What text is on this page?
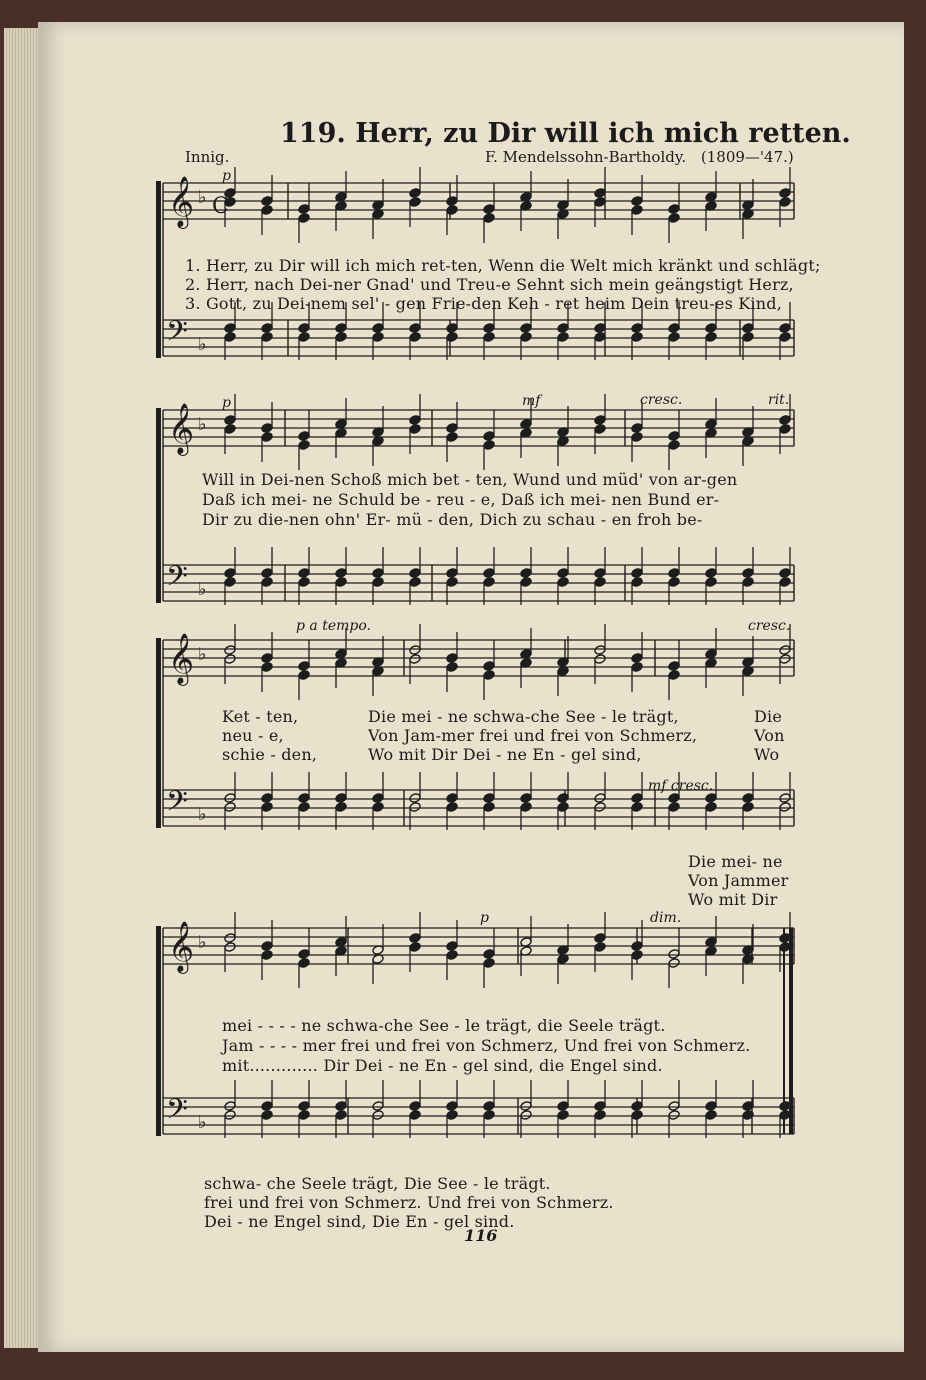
𝄞
𝄢
♭
♭
𝄞
𝄢
♭
♭
𝄞
𝄢
♭
♭
𝄞
𝄢
♭
♭
C
119. Herr, zu Dir will ich mich retten.
Innig.	F. Mendelssohn-Bartholdy. (1809—'47.)
p
p	mf	cresc.	rit.
p a tempo.	cresc.
mf cresc.
p	dim.
1. Herr, zu Dir will ich mich ret-ten, Wenn die Welt mich kränkt und schlägt;
2. Herr, nach Dei-ner Gnad' und Treu-e Sehnt sich mein geängstigt Herz,
3. Gott, zu Dei-nem sel' - gen Frie-den Keh - ret heim Dein treu-es Kind,
Will in Dei-nen Schoß mich bet - ten, Wund und müd' von ar-gen
Daß ich mei- ne Schuld be - reu - e, Daß ich mei- nen Bund er-
Dir zu die-nen ohn' Er- mü - den, Dich zu schau - en froh be-
Ket - ten,
neu - e,
schie - den,
Die mei - ne schwa-che See - le trägt,
Von Jam-mer frei und frei von Schmerz,
Wo mit Dir Dei - ne En - gel sind,
Die
Von
Wo
Die mei- ne
Von Jammer
Wo mit Dir
mei - - - - ne schwa-che See - le trägt, die Seele trägt.
Jam - - - - mer frei und frei von Schmerz, Und frei von Schmerz.
mit............. Dir Dei - ne En - gel sind, die Engel sind.
schwa- che Seele trägt, Die See - le trägt.
frei und frei von Schmerz. Und frei von Schmerz.
Dei - ne Engel sind, Die En - gel sind.
116
